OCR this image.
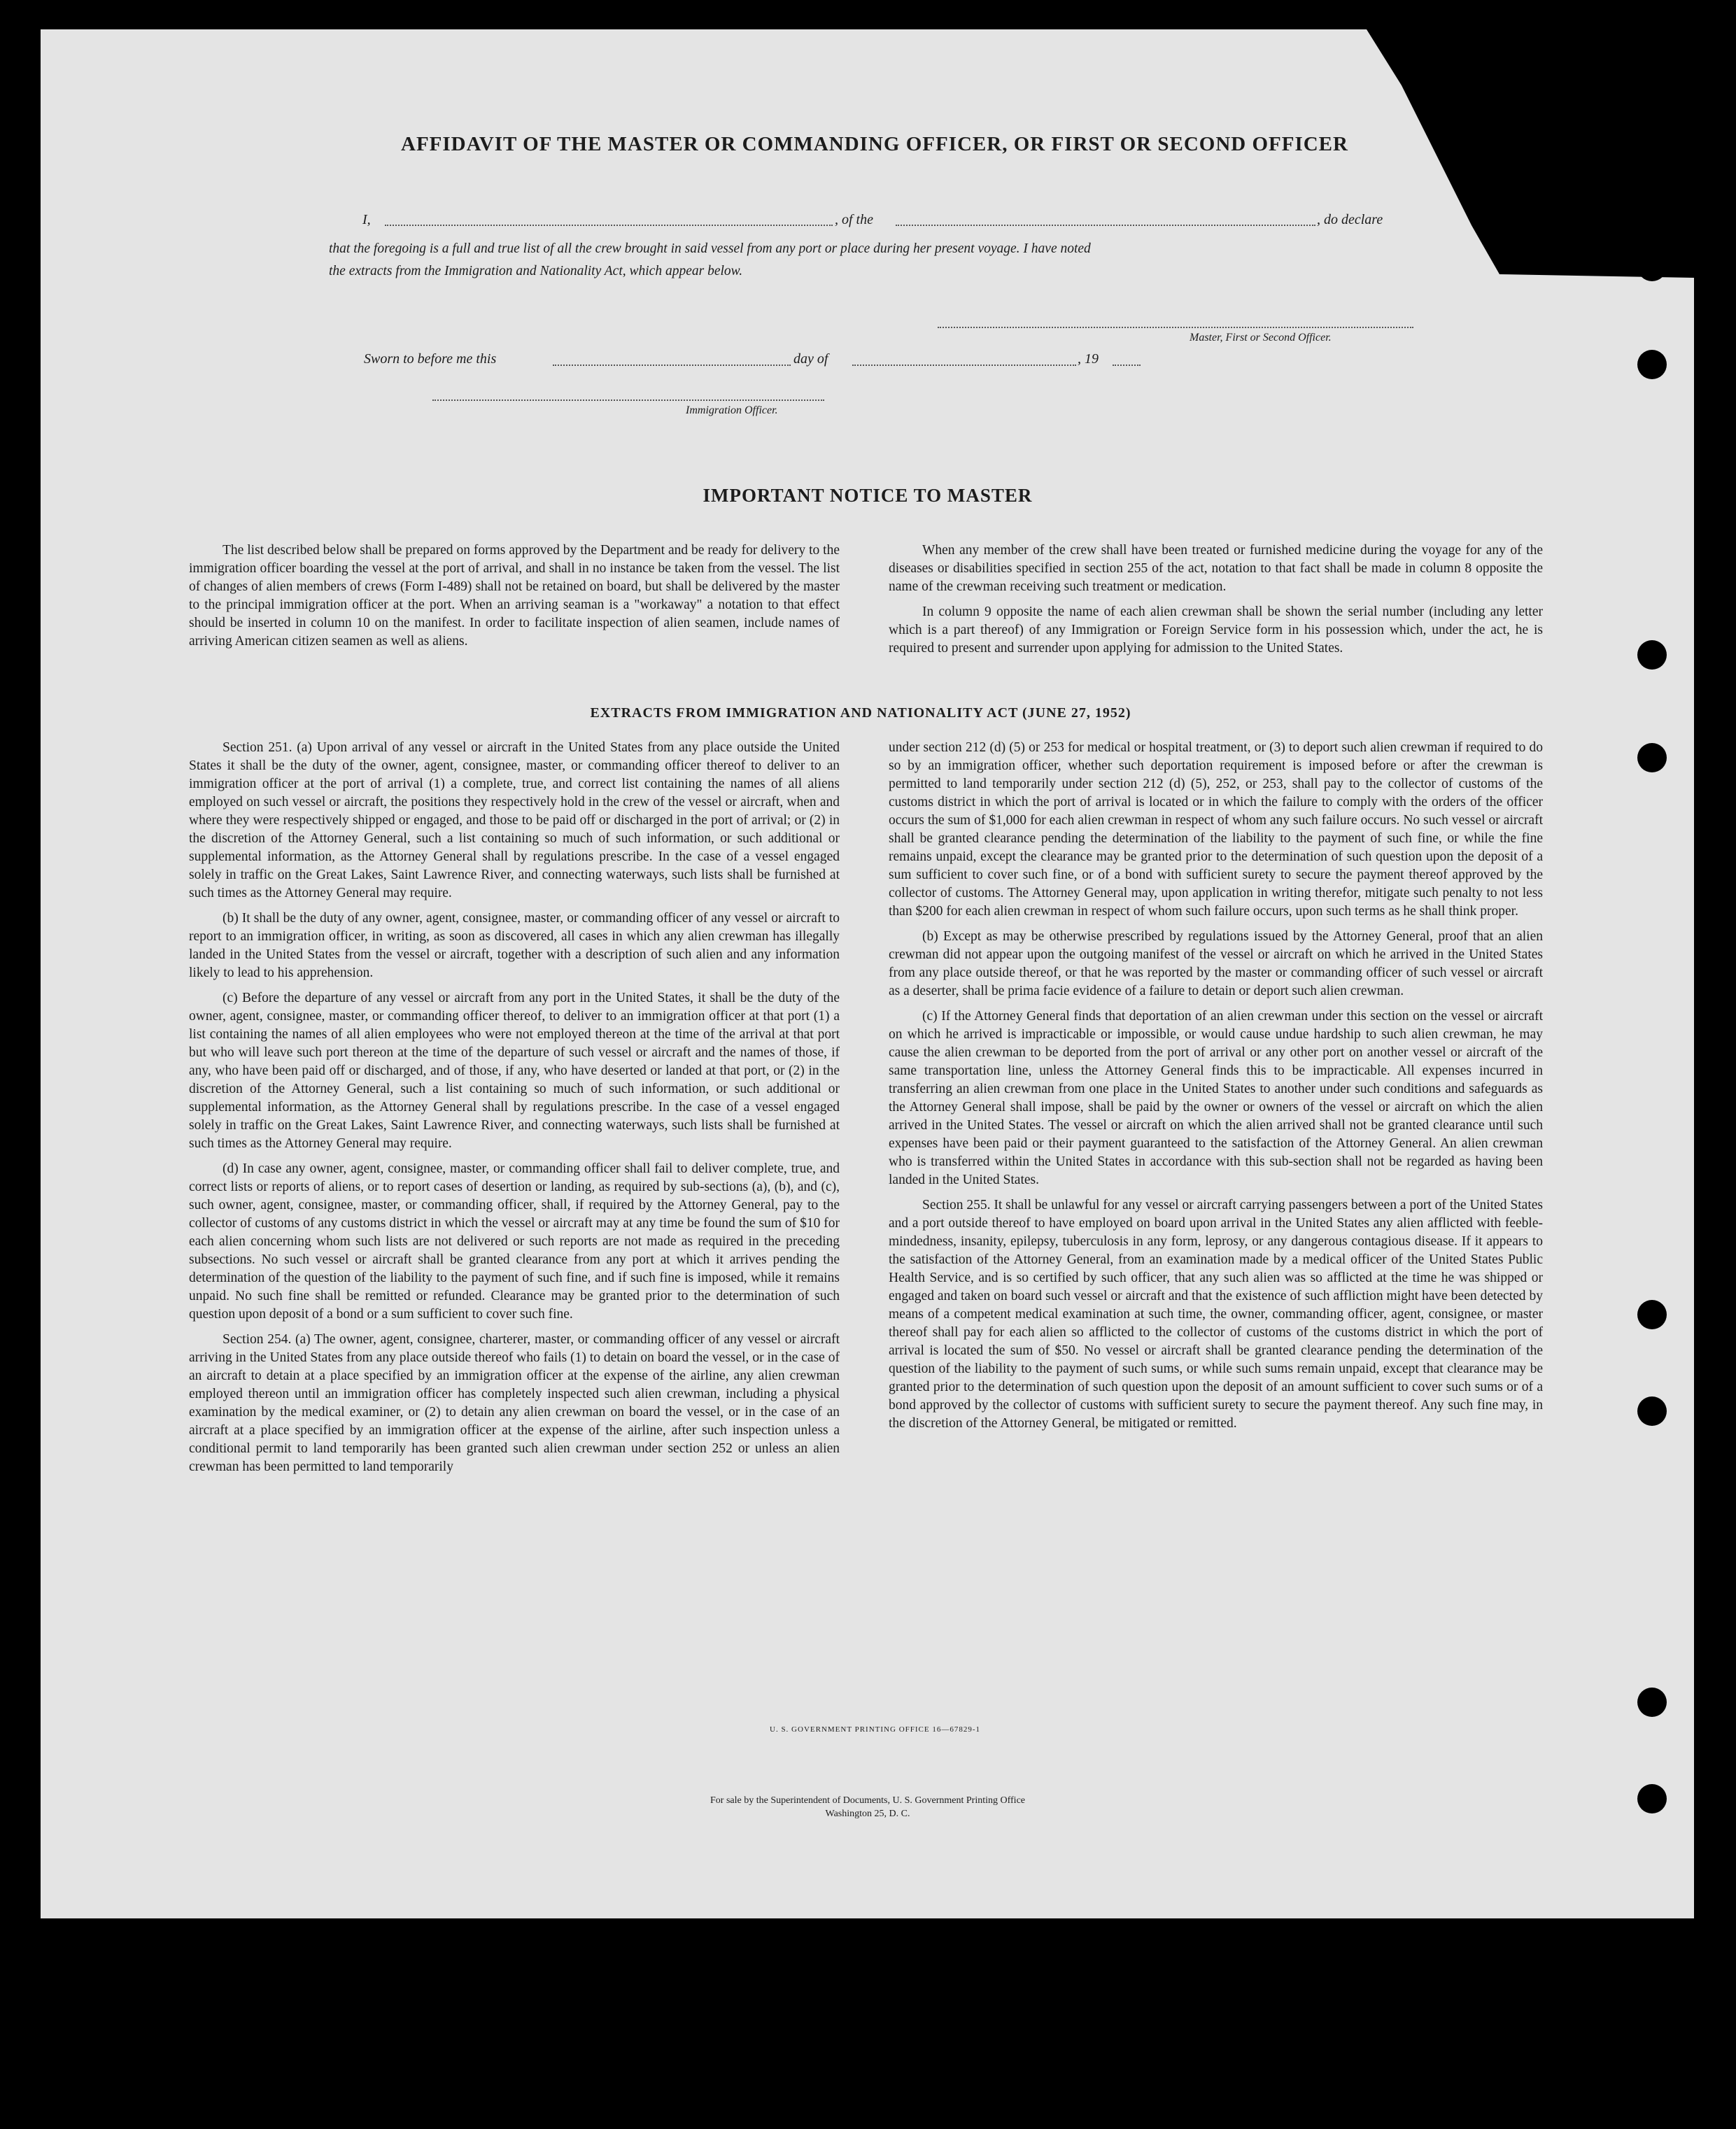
AFFIDAVIT OF THE MASTER OR COMMANDING OFFICER, OR FIRST OR SECOND OFFICER
I,	, of the	, do declare
that the foregoing is a full and true list of all the crew brought in said vessel from any port or place during her present voyage. I have noted
the extracts from the Immigration and Nationality Act, which appear below.
Master, First or Second Officer.
Sworn to before me this	day of	, 19
Immigration Officer.
IMPORTANT NOTICE TO MASTER

The list described below shall be prepared on forms approved by the Department and be ready for delivery to the immigration officer boarding the vessel at the port of arrival, and shall in no instance be taken from the vessel. The list of changes of alien members of crews (Form I-489) shall not be retained on board, but shall be delivered by the master to the principal immigration officer at the port. When an arriving seaman is a "workaway" a notation to that effect should be inserted in column 10 on the manifest. In order to facilitate inspection of alien seamen, include names of arriving American citizen seamen as well as aliens.

When any member of the crew shall have been treated or furnished medicine during the voyage for any of the diseases or disabilities specified in section 255 of the act, notation to that fact shall be made in column 8 opposite the name of the crewman receiving such treatment or medication.

In column 9 opposite the name of each alien crewman shall be shown the serial number (including any letter which is a part thereof) of any Immigration or Foreign Service form in his possession which, under the act, he is required to present and surrender upon applying for admission to the United States.

EXTRACTS FROM IMMIGRATION AND NATIONALITY ACT (JUNE 27, 1952)

Section 251. (a) Upon arrival of any vessel or aircraft in the United States from any place outside the United States it shall be the duty of the owner, agent, consignee, master, or commanding officer thereof to deliver to an immigration officer at the port of arrival (1) a complete, true, and correct list containing the names of all aliens employed on such vessel or aircraft, the positions they respectively hold in the crew of the vessel or aircraft, when and where they were respectively shipped or engaged, and those to be paid off or discharged in the port of arrival; or (2) in the discretion of the Attorney General, such a list containing so much of such information, or such additional or supplemental information, as the Attorney General shall by regulations prescribe. In the case of a vessel engaged solely in traffic on the Great Lakes, Saint Lawrence River, and connecting waterways, such lists shall be furnished at such times as the Attorney General may require.

(b) It shall be the duty of any owner, agent, consignee, master, or commanding officer of any vessel or aircraft to report to an immigration officer, in writing, as soon as discovered, all cases in which any alien crewman has illegally landed in the United States from the vessel or aircraft, together with a description of such alien and any information likely to lead to his apprehension.

(c) Before the departure of any vessel or aircraft from any port in the United States, it shall be the duty of the owner, agent, consignee, master, or commanding officer thereof, to deliver to an immigration officer at that port (1) a list containing the names of all alien employees who were not employed thereon at the time of the arrival at that port but who will leave such port thereon at the time of the departure of such vessel or aircraft and the names of those, if any, who have been paid off or discharged, and of those, if any, who have deserted or landed at that port, or (2) in the discretion of the Attorney General, such a list containing so much of such information, or such additional or supplemental information, as the Attorney General shall by regulations prescribe. In the case of a vessel engaged solely in traffic on the Great Lakes, Saint Lawrence River, and connecting waterways, such lists shall be furnished at such times as the Attorney General may require.

(d) In case any owner, agent, consignee, master, or commanding officer shall fail to deliver complete, true, and correct lists or reports of aliens, or to report cases of desertion or landing, as required by sub-sections (a), (b), and (c), such owner, agent, consignee, master, or commanding officer, shall, if required by the Attorney General, pay to the collector of customs of any customs district in which the vessel or aircraft may at any time be found the sum of $10 for each alien concerning whom such lists are not delivered or such reports are not made as required in the preceding subsections. No such vessel or aircraft shall be granted clearance from any port at which it arrives pending the determination of the question of the liability to the payment of such fine, and if such fine is imposed, while it remains unpaid. No such fine shall be remitted or refunded. Clearance may be granted prior to the determination of such question upon deposit of a bond or a sum sufficient to cover such fine.

Section 254. (a) The owner, agent, consignee, charterer, master, or commanding officer of any vessel or aircraft arriving in the United States from any place outside thereof who fails (1) to detain on board the vessel, or in the case of an aircraft to detain at a place specified by an immigration officer at the expense of the airline, any alien crewman employed thereon until an immigration officer has completely inspected such alien crewman, including a physical examination by the medical examiner, or (2) to detain any alien crewman on board the vessel, or in the case of an aircraft at a place specified by an immigration officer at the expense of the airline, after such inspection unless a conditional permit to land temporarily has been granted such alien crewman under section 252 or unless an alien crewman has been permitted to land temporarily

under section 212 (d) (5) or 253 for medical or hospital treatment, or (3) to deport such alien crewman if required to do so by an immigration officer, whether such deportation requirement is imposed before or after the crewman is permitted to land temporarily under section 212 (d) (5), 252, or 253, shall pay to the collector of customs of the customs district in which the port of arrival is located or in which the failure to comply with the orders of the officer occurs the sum of $1,000 for each alien crewman in respect of whom any such failure occurs. No such vessel or aircraft shall be granted clearance pending the determination of the liability to the payment of such fine, or while the fine remains unpaid, except the clearance may be granted prior to the determination of such question upon the deposit of a sum sufficient to cover such fine, or of a bond with sufficient surety to secure the payment thereof approved by the collector of customs. The Attorney General may, upon application in writing therefor, mitigate such penalty to not less than $200 for each alien crewman in respect of whom such failure occurs, upon such terms as he shall think proper.

(b) Except as may be otherwise prescribed by regulations issued by the Attorney General, proof that an alien crewman did not appear upon the outgoing manifest of the vessel or aircraft on which he arrived in the United States from any place outside thereof, or that he was reported by the master or commanding officer of such vessel or aircraft as a deserter, shall be prima facie evidence of a failure to detain or deport such alien crewman.

(c) If the Attorney General finds that deportation of an alien crewman under this section on the vessel or aircraft on which he arrived is impracticable or impossible, or would cause undue hardship to such alien crewman, he may cause the alien crewman to be deported from the port of arrival or any other port on another vessel or aircraft of the same transportation line, unless the Attorney General finds this to be impracticable. All expenses incurred in transferring an alien crewman from one place in the United States to another under such conditions and safeguards as the Attorney General shall impose, shall be paid by the owner or owners of the vessel or aircraft on which the alien arrived in the United States. The vessel or aircraft on which the alien arrived shall not be granted clearance until such expenses have been paid or their payment guaranteed to the satisfaction of the Attorney General. An alien crewman who is transferred within the United States in accordance with this sub-section shall not be regarded as having been landed in the United States.

Section 255. It shall be unlawful for any vessel or aircraft carrying passengers between a port of the United States and a port outside thereof to have employed on board upon arrival in the United States any alien afflicted with feeble-mindedness, insanity, epilepsy, tuberculosis in any form, leprosy, or any dangerous contagious disease. If it appears to the satisfaction of the Attorney General, from an examination made by a medical officer of the United States Public Health Service, and is so certified by such officer, that any such alien was so afflicted at the time he was shipped or engaged and taken on board such vessel or aircraft and that the existence of such affliction might have been detected by means of a competent medical examination at such time, the owner, commanding officer, agent, consignee, or master thereof shall pay for each alien so afflicted to the collector of customs of the customs district in which the port of arrival is located the sum of $50. No vessel or aircraft shall be granted clearance pending the determination of the question of the liability to the payment of such sums, or while such sums remain unpaid, except that clearance may be granted prior to the determination of such question upon the deposit of an amount sufficient to cover such sums or of a bond approved by the collector of customs with sufficient surety to secure the payment thereof. Any such fine may, in the discretion of the Attorney General, be mitigated or remitted.

U. S. GOVERNMENT PRINTING OFFICE 16—67829-1
For sale by the Superintendent of Documents, U. S. Government Printing Office
Washington 25, D. C.
